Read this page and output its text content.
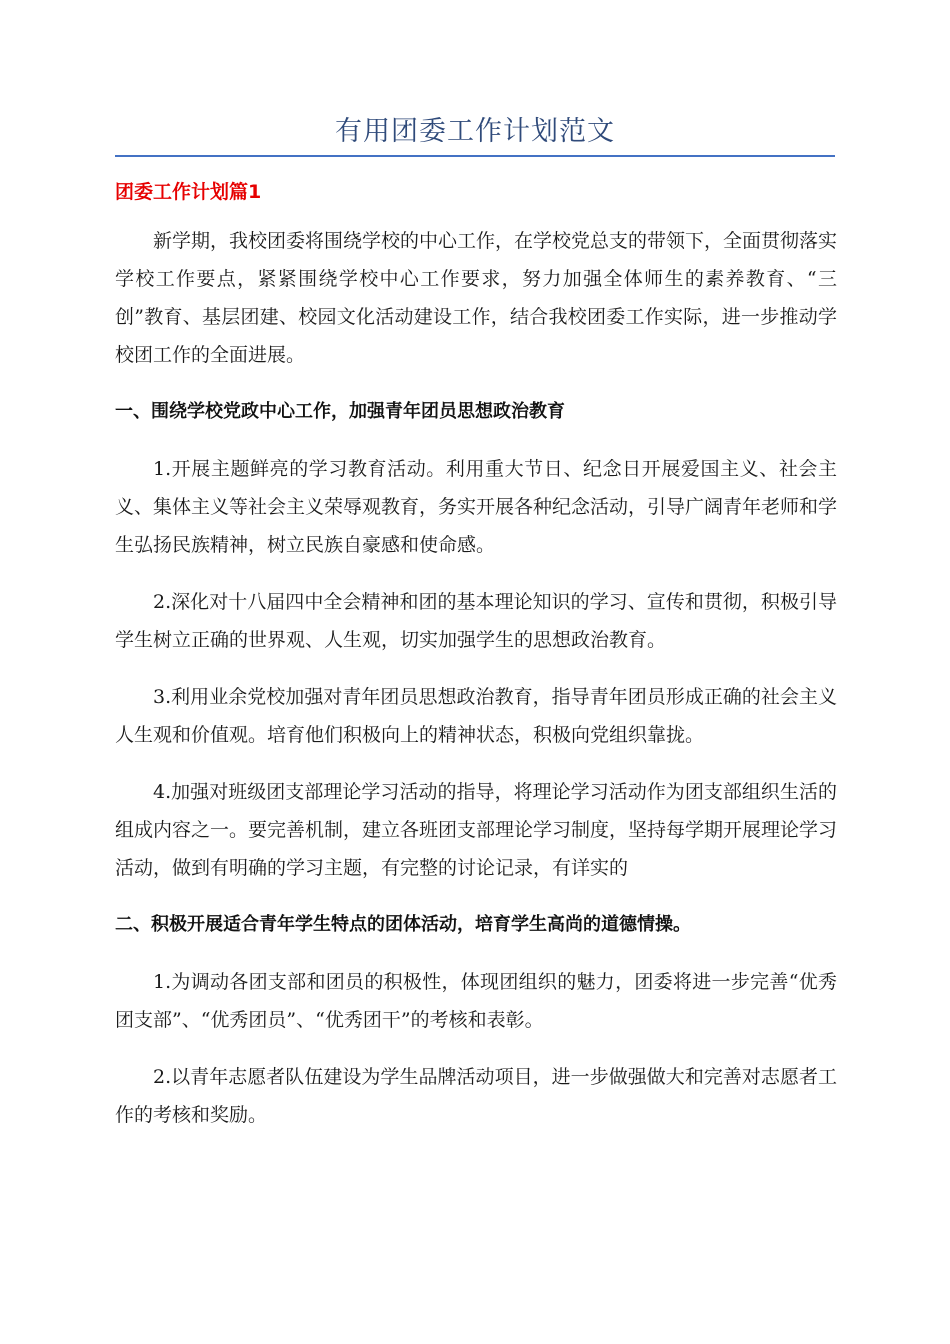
有用团委工作计划范文
团委工作计划篇1

新学期，我校团委将围绕学校的中心工作，在学校党总支的带领下，全面贯彻落实学校工作要点，紧紧围绕学校中心工作要求，努力加强全体师生的素养教育、“三创”教育、基层团建、校园文化活动建设工作，结合我校团委工作实际，进一步推动学校团工作的全面进展。

一、围绕学校党政中心工作，加强青年团员思想政治教育

1.开展主题鲜亮的学习教育活动。利用重大节日、纪念日开展爱国主义、社会主义、集体主义等社会主义荣辱观教育，务实开展各种纪念活动，引导广阔青年老师和学生弘扬民族精神，树立民族自豪感和使命感。

2.深化对十八届四中全会精神和团的基本理论知识的学习、宣传和贯彻，积极引导学生树立正确的世界观、人生观，切实加强学生的思想政治教育。

3.利用业余党校加强对青年团员思想政治教育，指导青年团员形成正确的社会主义人生观和价值观。培育他们积极向上的精神状态，积极向党组织靠拢。

4.加强对班级团支部理论学习活动的指导，将理论学习活动作为团支部组织生活的组成内容之一。要完善机制，建立各班团支部理论学习制度，坚持每学期开展理论学习活动，做到有明确的学习主题，有完整的讨论记录，有详实的

二、积极开展适合青年学生特点的团体活动，培育学生高尚的道德情操。

1.为调动各团支部和团员的积极性，体现团组织的魅力，团委将进一步完善“优秀团支部”、“优秀团员”、“优秀团干”的考核和表彰。

2.以青年志愿者队伍建设为学生品牌活动项目，进一步做强做大和完善对志愿者工作的考核和奖励。
